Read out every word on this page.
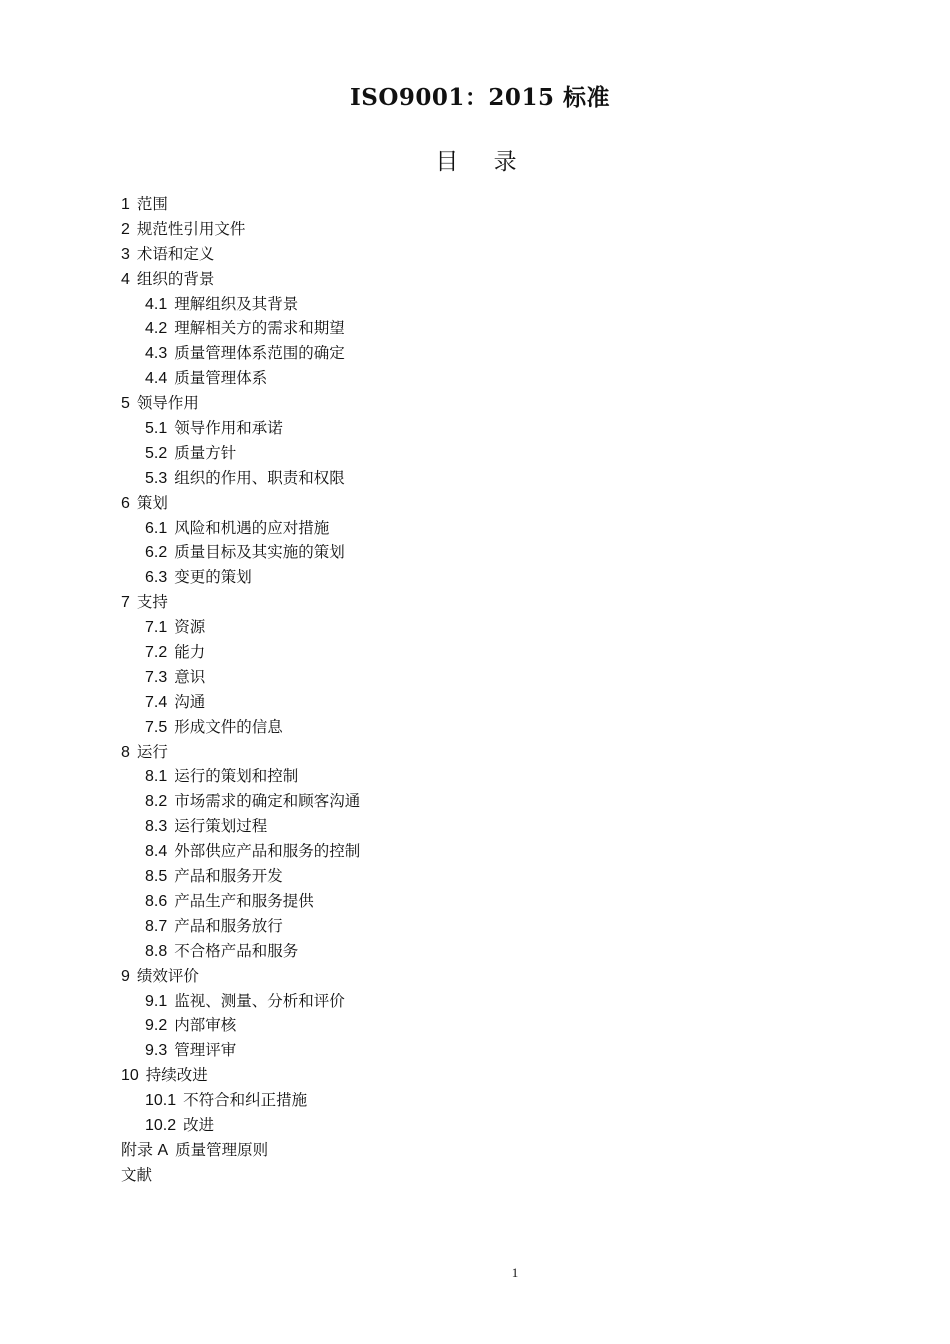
ISO9001：2015 标准
目 录
1 范围
2 规范性引用文件
3 术语和定义
4 组织的背景
4.1 理解组织及其背景
4.2 理解相关方的需求和期望
4.3 质量管理体系范围的确定
4.4 质量管理体系
5 领导作用
5.1 领导作用和承诺
5.2 质量方针
5.3 组织的作用、职责和权限
6 策划
6.1 风险和机遇的应对措施
6.2 质量目标及其实施的策划
6.3 变更的策划
7 支持
7.1 资源
7.2 能力
7.3 意识
7.4 沟通
7.5 形成文件的信息
8 运行
8.1 运行的策划和控制
8.2 市场需求的确定和顾客沟通
8.3 运行策划过程
8.4 外部供应产品和服务的控制
8.5 产品和服务开发
8.6 产品生产和服务提供
8.7 产品和服务放行
8.8 不合格产品和服务
9 绩效评价
9.1 监视、测量、分析和评价
9.2 内部审核
9.3 管理评审
10 持续改进
10.1 不符合和纠正措施
10.2 改进
附录 A 质量管理原则
文献
1
